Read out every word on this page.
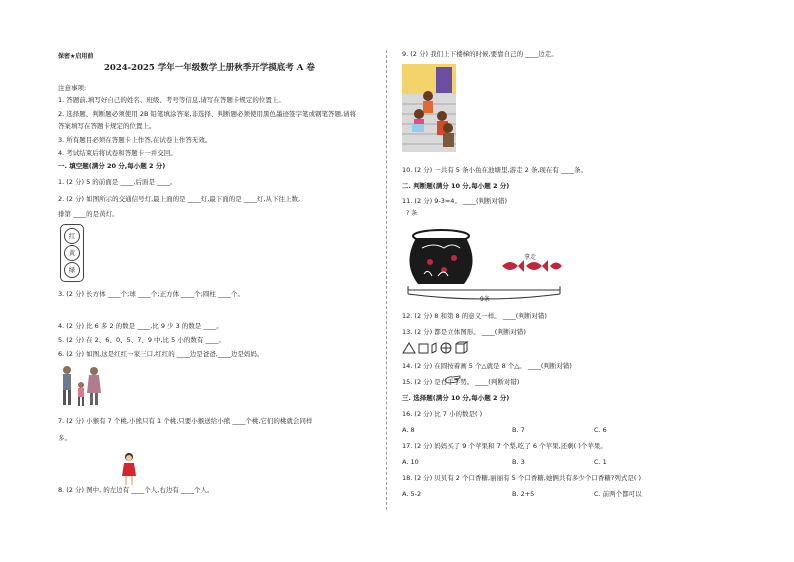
保密★启用前
2024-2025 学年一年级数学上册秋季开学摸底考 A 卷
注意事项:
1. 答题前,填写好自己的姓名、班级、考号等信息,请写在答题卡规定的位置上。
2. 选择题、判断题必须使用 2B 铅笔填涂答案,非选择、判断题必须使用黑色墨迹签字笔或钢笔答题,请将
答案填写在答题卡规定的位置上。
3. 所有题目必须在答题卡上作答,在试卷上作答无效。
4. 考试结束后将试卷和答题卡一并交回。
一. 填空题(满分 20 分,每小题 2 分)
1. (2 分) 5 的前面是 ____,后面是 ____。
2. (2 分) 如图所示的交通信号灯,最上面的是 ____灯,最下面的是 ____灯,从下往上数,
排第 ____的是黄灯。
红
黄
绿
3. (2 分) 长方体 ____个;球 ____个;正方体 ____个;圆柱 ____个。
4. (2 分) 比 6 多 2 的数是 ____,比 9 少 3 的数是 ____。
5. (2 分) 在 2、6、0、5、7、9 中,比 5 小的数有 ____。
6. (2 分) 如图,这是红红一家三口,红红的 ____边是爸爸,____边是妈妈。
7. (2 分) 小猴有 7 个桃,小熊只有 1 个桃,只要小猴送给小熊 ____个桃,它们的桃就会同样
多。
8. (2 分) 图中, 的左边有 ____个人,右边有 ____个人。
9. (2 分) 我们上下楼梯的时候,要靠自己的 ____边走。
10. (2 分) 一共有 5 条小鱼在池塘里,游走 2 条,现在有 ____条。
二. 判断题(满分 10 分,每小题 2 分)
11. (2 分) 9-3=4。 ____(判断对错)
? 条
拿走
9条
12. (2 分) 8 和第 8 的意义一样。 ____(判断对错)
13. (2 分) 都是立体图形。 ____(判断对错)
14. (2 分) 在圆按着画 5 个△就是 8 个△。 ____(判断对错)
15. (2 分) 是右手手势。 ____(判断对错)
三. 选择题(满分 10 分,每小题 2 分)
16. (2 分) 比 7 小的数是( )
A. 8	B. 7	C. 6
17. (2 分) 妈妈买了 9 个苹果和 7 个梨,吃了 6 个苹果,还剩( )个苹果。
A. 10	B. 3	C. 1
18. (2 分) 贝贝有 2 个口香糖,丽丽有 5 个口香糖,她俩共有多少个口香糖?列式是( )
A. 5-2	B. 2+5	C. 前两个都可以
